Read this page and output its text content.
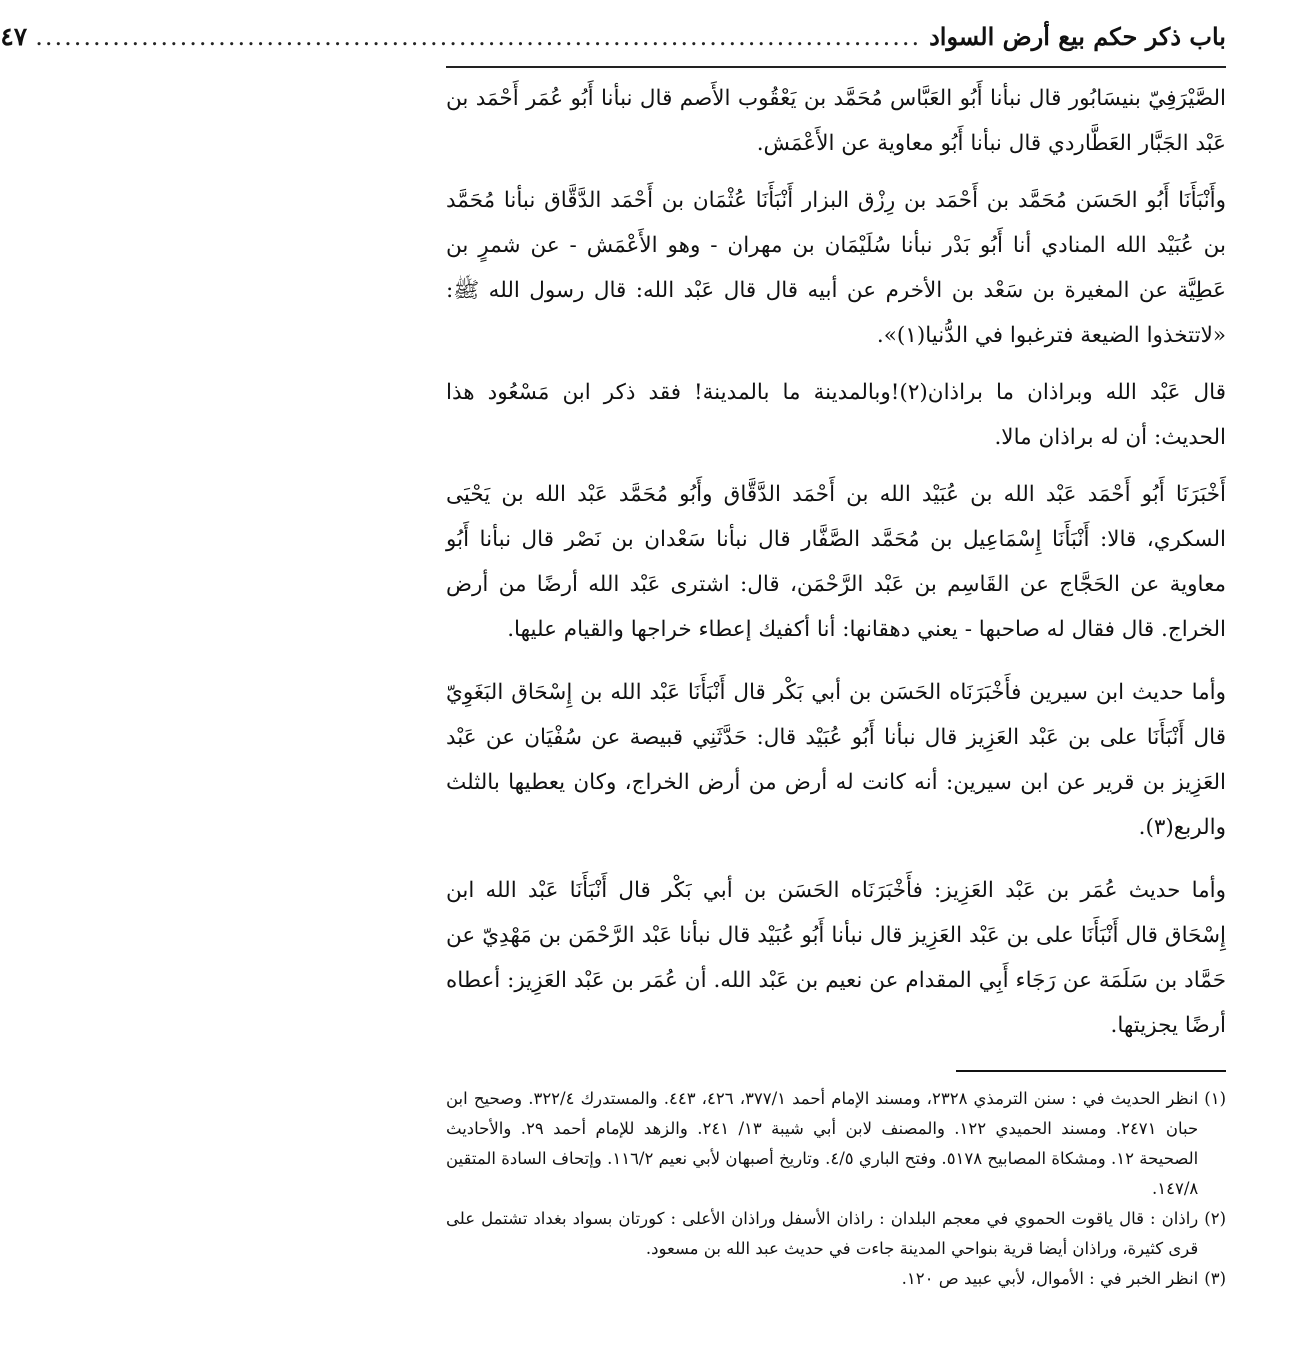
باب ذكر حكم بيع أرض السواد
............................................................................................
٤٧

الصَّيْرَفِيّ بنيسَابُور قال نبأنا أَبُو العَبَّاس مُحَمَّد بن يَعْقُوب الأَصم قال نبأنا أَبُو عُمَر أَحْمَد بن عَبْد الجَبَّار العَطَّاردي قال نبأنا أَبُو معاوية عن الأَعْمَش.

وأَنْبَأَنَا أَبُو الحَسَن مُحَمَّد بن أَحْمَد بن رِزْق البزار أَنْبَأَنَا عُثْمَان بن أَحْمَد الدَّقَّاق نبأنا مُحَمَّد بن عُبَيْد الله المنادي أنا أَبُو بَدْر نبأنا سُلَيْمَان بن مهران - وهو الأَعْمَش - عن شمرٍ بن عَطِيَّة عن المغيرة بن سَعْد بن الأخرم عن أبيه قال قال عَبْد الله: قال رسول الله ﷺ: «لاتتخذوا الضيعة فترغبوا في الدُّنيا(١)».

قال عَبْد الله وبراذان ما براذان(٢)!وبالمدينة ما بالمدينة! فقد ذكر ابن مَسْعُود هذا الحديث: أن له براذان مالا.

أَخْبَرَنَا أَبُو أَحْمَد عَبْد الله بن عُبَيْد الله بن أَحْمَد الدَّقَّاق وأَبُو مُحَمَّد عَبْد الله بن يَحْيَى السكري، قالا: أَنْبَأَنَا إِسْمَاعِيل بن مُحَمَّد الصَّفَّار قال نبأنا سَعْدان بن نَصْر قال نبأنا أَبُو معاوية عن الحَجَّاج عن القَاسِم بن عَبْد الرَّحْمَن، قال: اشترى عَبْد الله أرضًا من أرض الخراج. قال فقال له صاحبها - يعني دهقانها: أنا أكفيك إعطاء خراجها والقيام عليها.

وأما حديث ابن سيرين فأَخْبَرَنَاه الحَسَن بن أبي بَكْر قال أَنْبَأَنَا عَبْد الله بن إِسْحَاق البَغَوِيّ قال أَنْبَأَنَا على بن عَبْد العَزِيز قال نبأنا أَبُو عُبَيْد قال: حَدَّثَنِي قبيصة عن سُفْيَان عن عَبْد العَزِيز بن قرير عن ابن سيرين: أنه كانت له أرض من أرض الخراج، وكان يعطيها بالثلث والربع(٣).

وأما حديث عُمَر بن عَبْد العَزِيز: فأَخْبَرَنَاه الحَسَن بن أبي بَكْر قال أَنْبَأَنَا عَبْد الله ابن إِسْحَاق قال أَنْبَأَنَا على بن عَبْد العَزِيز قال نبأنا أَبُو عُبَيْد قال نبأنا عَبْد الرَّحْمَن بن مَهْدِيّ عن حَمَّاد بن سَلَمَة عن رَجَاء أَبِي المقدام عن نعيم بن عَبْد الله. أن عُمَر بن عَبْد العَزِيز: أعطاه أرضًا يجزيتها.

(١)
انظر الحديث في : سنن الترمذي ٢٣٢٨، ومسند الإمام أحمد ٣٧٧/١، ٤٢٦، ٤٤٣. والمستدرك ٣٢٢/٤. وصحيح ابن حبان ٢٤٧١. ومسند الحميدي ١٢٢. والمصنف لابن أبي شيبة ١٣/ ٢٤١. والزهد للإمام أحمد ٢٩. والأحاديث الصحيحة ١٢. ومشكاة المصابيح ٥١٧٨. وفتح الباري ٤/٥. وتاريخ أصبهان لأبي نعيم ١١٦/٢. وإتحاف السادة المتقين ١٤٧/٨.
(٢)
راذان : قال ياقوت الحموي في معجم البلدان : راذان الأسفل وراذان الأعلى : كورتان بسواد بغداد تشتمل على قرى كثيرة، وراذان أيضا قرية بنواحي المدينة جاءت في حديث عبد الله بن مسعود.
(٣)
انظر الخبر في : الأموال، لأبي عبيد ص ١٢٠.
